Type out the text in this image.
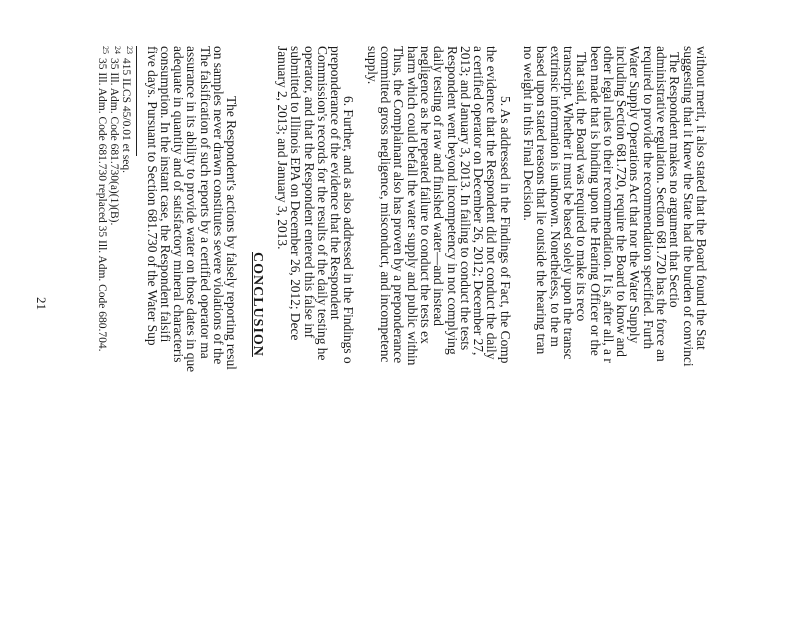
without merit, it also stated that the Board found the Stat
suggesting that it knew the State had the burden of convinci
The Respondent makes no argument that Sectio
administrative regulation. Section 681.720 has the force an
required to provide the recommendation specified. Furth
Water Supply Operations Act that nor the Water Supply
including Section 681.720, require the Board to know and
other legal rules to their recommendation. It is, after all, a r
been made that is binding upon the Hearing Officer or the
That said, the Board was required to make its reco
transcript. Whether it must be based solely upon the transc
extrinsic information is unknown. Nonetheless, to the m
based upon stated reasons that lie outside the hearing tran
no weight in this Final Decision.
5. As addressed in the Findings of Fact, the Comp
the evidence that the Respondent did not conduct the daily
a certified operator on December 26, 2012; December 27,
2013; and January 3, 2013. In failing to conduct the tests
Respondent went beyond incompetency in not complying
daily testing of raw and finished water—and instead
negligence as he repeated failure to conduct the tests ex
harm which could befall the water supply and public within
Thus, the Complainant also has proven by a preponderance
committed gross negligence, misconduct, and incompetenc
supply.
6. Further, and as also addressed in the Findings o
preponderance of the evidence that the Respondent
Commission's records for the results of the daily testing he
operator, and that the Respondent entered this false inf
submitted to Illinois EPA on December 26, 2012; Dece
January 2, 2013; and January 3, 2013.
CONCLUSION
The Respondent's actions by falsely reporting resul
on samples never drawn constitutes severe violations of the
The falsification of such reports by a certified operator ma
assurance in its ability to provide water on those dates in que
adequate in quantity and of satisfactory mineral characteris
consumption. In the instant case, the Respondent falsifi
five days. Pursuant to Section 681.730 of the Water Sup
23
415 ILCS 45/0.01 et seq.
24
35 Ill. Adm. Code 681.730(a)(1)(B).
25
35 Ill. Adm. Code 681.730 replaced 35 Ill. Adm. Code 680.704.
21
